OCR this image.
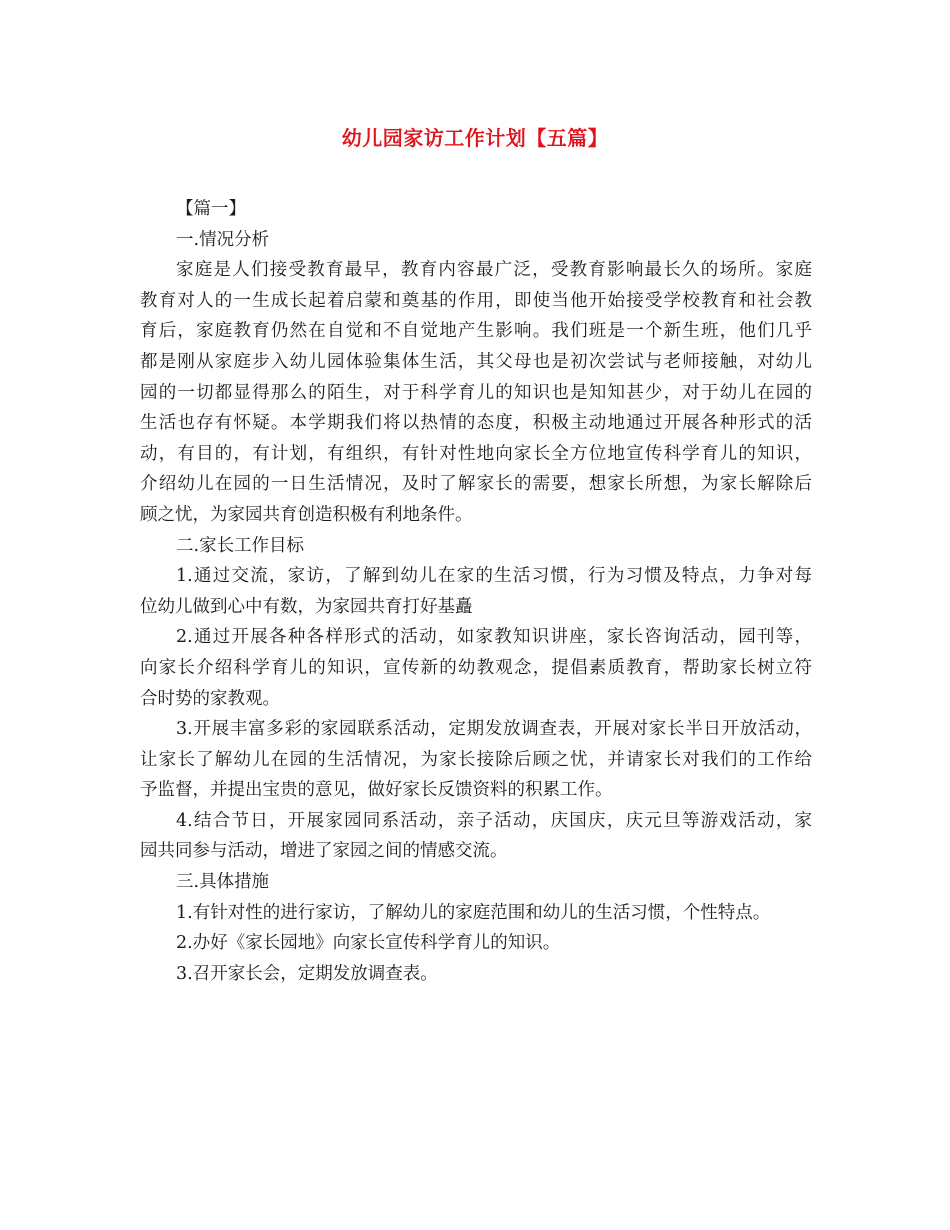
幼儿园家访工作计划【五篇】

【篇一】

一.情况分析

家庭是人们接受教育最早，教育内容最广泛，受教育影响最长久的场所。家庭

教育对人的一生成长起着启蒙和奠基的作用，即使当他开始接受学校教育和社会教

育后，家庭教育仍然在自觉和不自觉地产生影响。我们班是一个新生班，他们几乎

都是刚从家庭步入幼儿园体验集体生活，其父母也是初次尝试与老师接触，对幼儿

园的一切都显得那么的陌生，对于科学育儿的知识也是知知甚少，对于幼儿在园的

生活也存有怀疑。本学期我们将以热情的态度，积极主动地通过开展各种形式的活

动，有目的，有计划，有组织，有针对性地向家长全方位地宣传科学育儿的知识，

介绍幼儿在园的一日生活情况，及时了解家长的需要，想家长所想，为家长解除后

顾之忧，为家园共育创造积极有利地条件。

二.家长工作目标

1.通过交流，家访，了解到幼儿在家的生活习惯，行为习惯及特点，力争对每

位幼儿做到心中有数，为家园共育打好基矗

2.通过开展各种各样形式的活动，如家教知识讲座，家长咨询活动，园刊等，

向家长介绍科学育儿的知识，宣传新的幼教观念，提倡素质教育，帮助家长树立符

合时势的家教观。

3.开展丰富多彩的家园联系活动，定期发放调查表，开展对家长半日开放活动，

让家长了解幼儿在园的生活情况，为家长接除后顾之忧，并请家长对我们的工作给

予监督，并提出宝贵的意见，做好家长反馈资料的积累工作。

4.结合节日，开展家园同系活动，亲子活动，庆国庆，庆元旦等游戏活动，家

园共同参与活动，增进了家园之间的情感交流。

三.具体措施

1.有针对性的进行家访，了解幼儿的家庭范围和幼儿的生活习惯，个性特点。

2.办好《家长园地》向家长宣传科学育儿的知识。

3.召开家长会，定期发放调查表。
